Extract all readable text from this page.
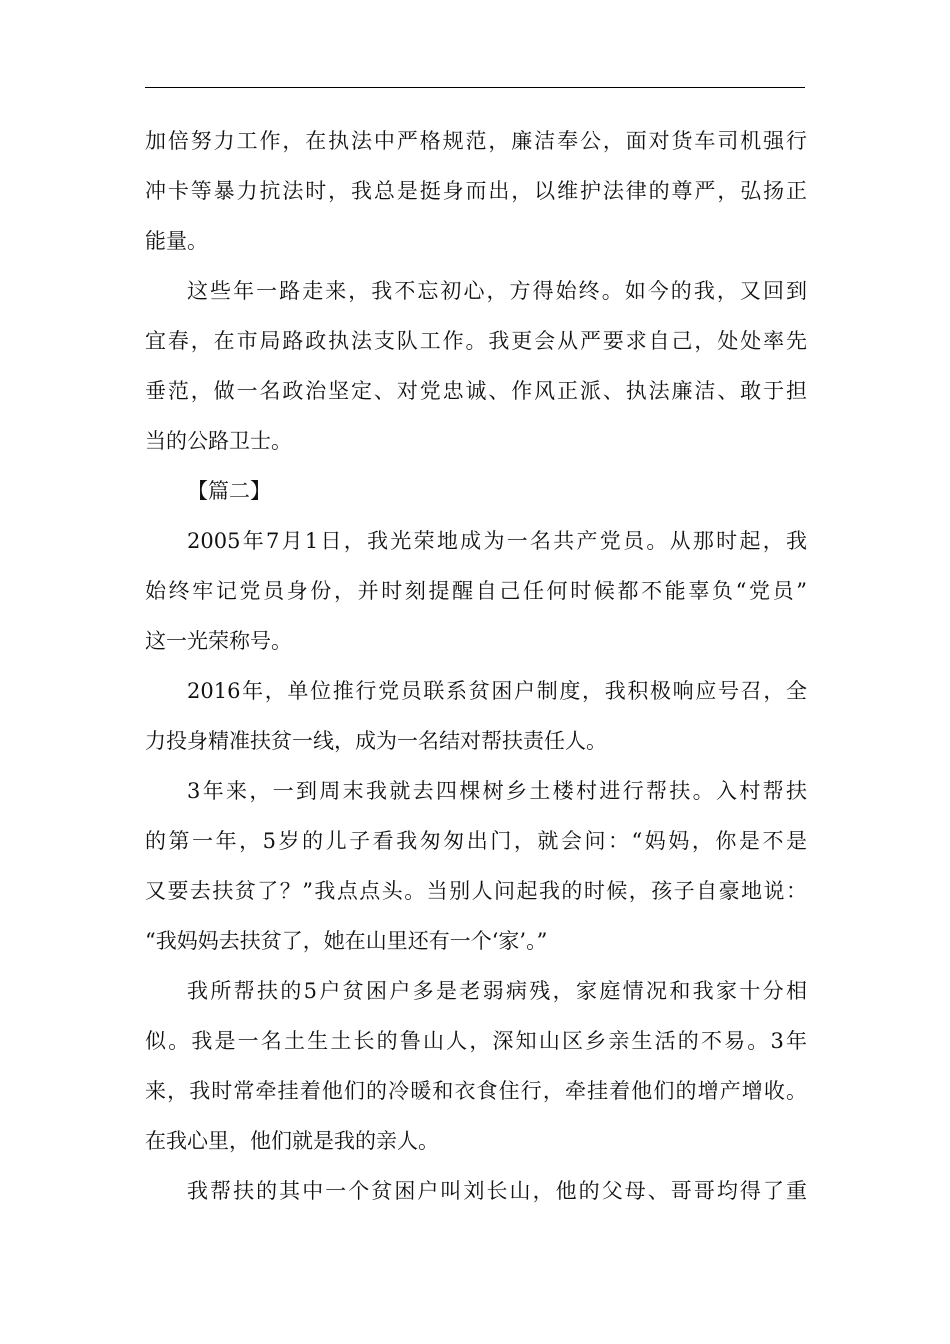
加倍努力工作，在执法中严格规范，廉洁奉公，面对货车司机强行
冲卡等暴力抗法时，我总是挺身而出，以维护法律的尊严，弘扬正
能量。
这些年一路走来，我不忘初心，方得始终。如今的我，又回到
宜春，在市局路政执法支队工作。我更会从严要求自己，处处率先
垂范，做一名政治坚定、对党忠诚、作风正派、执法廉洁、敢于担
当的公路卫士。
【篇二】
2005年7月1日，我光荣地成为一名共产党员。从那时起，我
始终牢记党员身份，并时刻提醒自己任何时候都不能辜负“党员”
这一光荣称号。
2016年，单位推行党员联系贫困户制度，我积极响应号召，全
力投身精准扶贫一线，成为一名结对帮扶责任人。
3年来，一到周末我就去四棵树乡土楼村进行帮扶。入村帮扶
的第一年，5岁的儿子看我匆匆出门，就会问：“妈妈，你是不是
又要去扶贫了？”我点点头。当别人问起我的时候，孩子自豪地说：
“我妈妈去扶贫了，她在山里还有一个‘家’。”
我所帮扶的5户贫困户多是老弱病残，家庭情况和我家十分相
似。我是一名土生土长的鲁山人，深知山区乡亲生活的不易。3年
来，我时常牵挂着他们的冷暖和衣食住行，牵挂着他们的增产增收。
在我心里，他们就是我的亲人。
我帮扶的其中一个贫困户叫刘长山，他的父母、哥哥均得了重
